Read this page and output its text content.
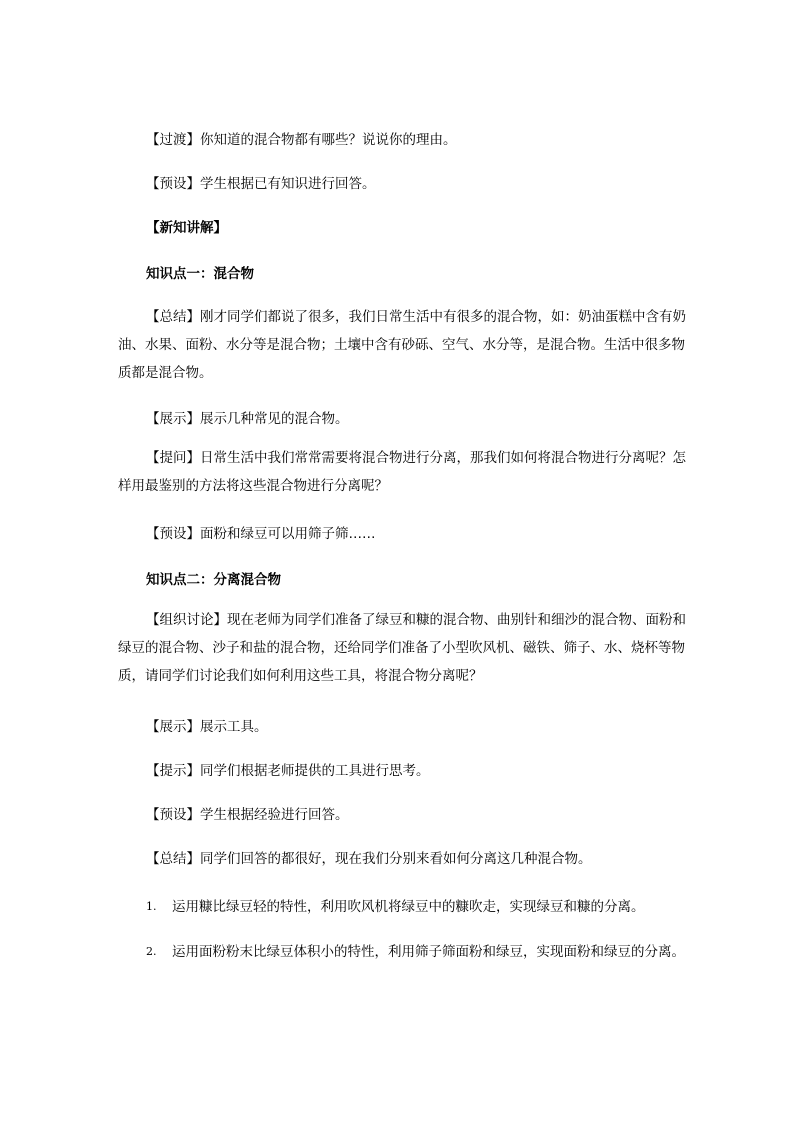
【过渡】你知道的混合物都有哪些？说说你的理由。

【预设】学生根据已有知识进行回答。

【新知讲解】

知识点一：混合物

【总结】刚才同学们都说了很多，我们日常生活中有很多的混合物，如：奶油蛋糕中含有奶油、水果、面粉、水分等是混合物；土壤中含有砂砾、空气、水分等，是混合物。生活中很多物质都是混合物。

【展示】展示几种常见的混合物。

【提问】日常生活中我们常常需要将混合物进行分离，那我们如何将混合物进行分离呢？怎样用最鉴别的方法将这些混合物进行分离呢？

【预设】面粉和绿豆可以用筛子筛……

知识点二：分离混合物

【组织讨论】现在老师为同学们准备了绿豆和糠的混合物、曲别针和细沙的混合物、面粉和绿豆的混合物、沙子和盐的混合物，还给同学们准备了小型吹风机、磁铁、筛子、水、烧杯等物质，请同学们讨论我们如何利用这些工具，将混合物分离呢？

【展示】展示工具。

【提示】同学们根据老师提供的工具进行思考。

【预设】学生根据经验进行回答。

【总结】同学们回答的都很好，现在我们分别来看如何分离这几种混合物。

1.	运用糠比绿豆轻的特性，利用吹风机将绿豆中的糠吹走，实现绿豆和糠的分离。
2.	运用面粉粉末比绿豆体积小的特性，利用筛子筛面粉和绿豆，实现面粉和绿豆的分离。
